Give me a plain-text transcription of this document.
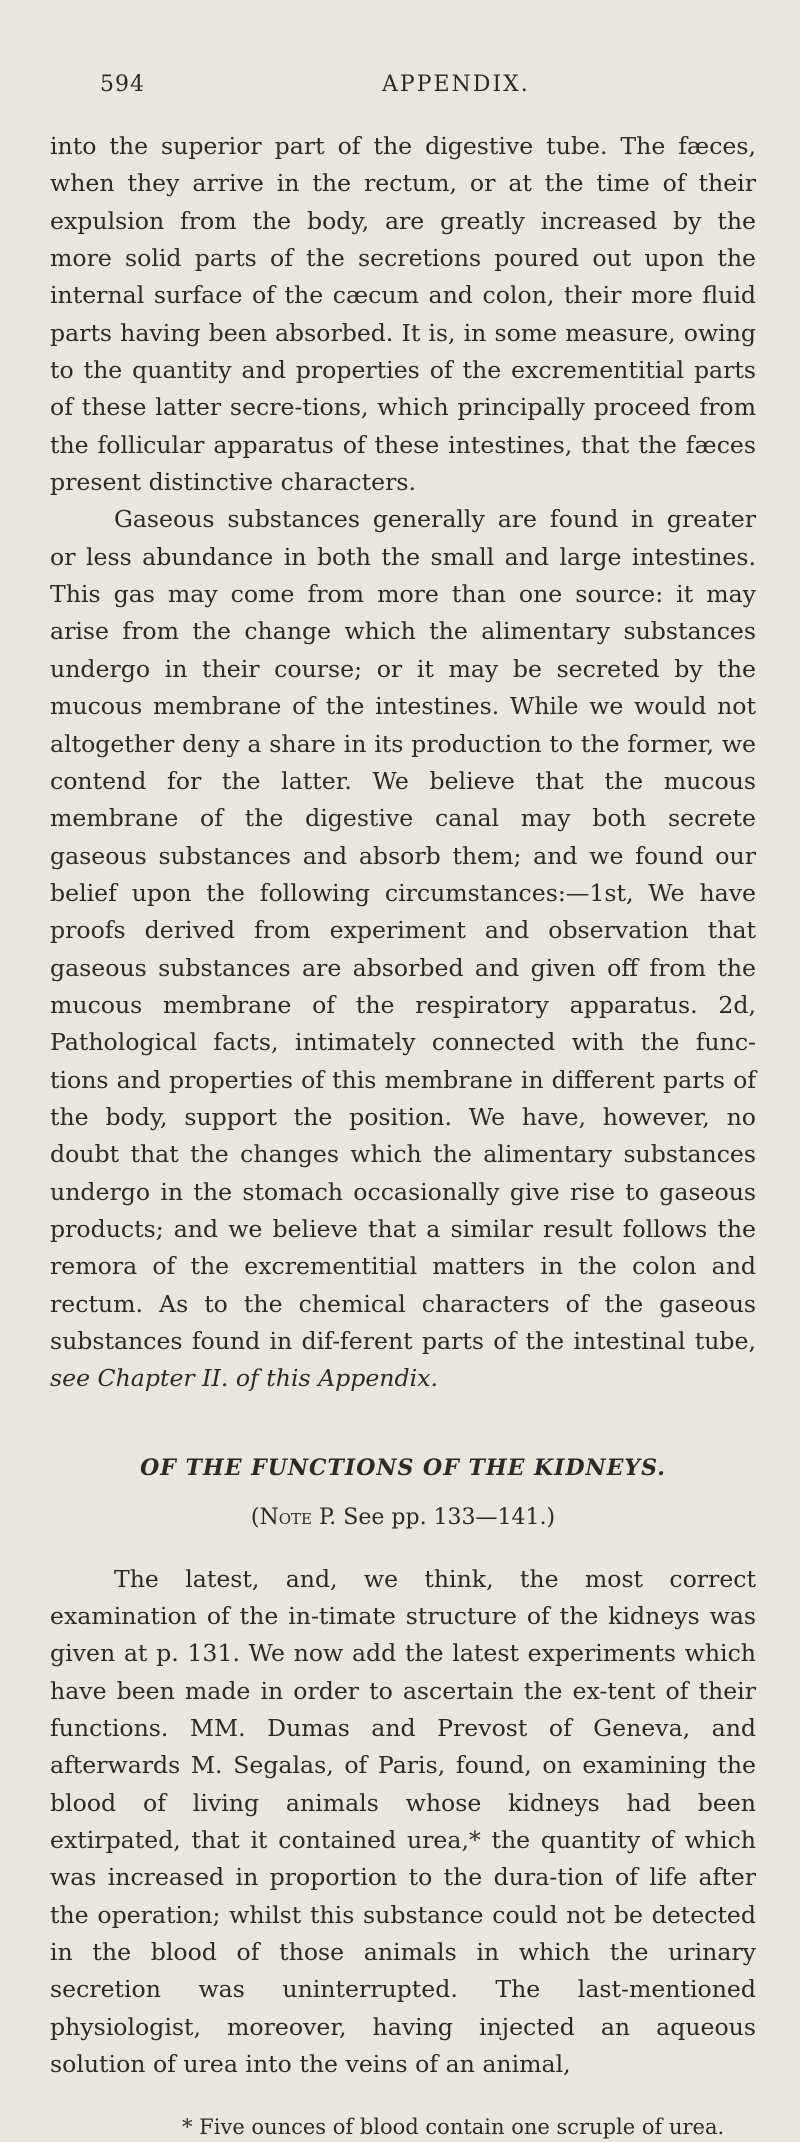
594	APPENDIX.

into the superior part of the digestive tube. The fæces, when they arrive in the rectum, or at the time of their expulsion from the body, are greatly increased by the more solid parts of the secretions poured out upon the internal surface of the cæcum and colon, their more fluid parts having been absorbed. It is, in some measure, owing to the quantity and properties of the excrementitial parts of these latter secre-tions, which principally proceed from the follicular apparatus of these intestines, that the fæces present distinctive characters.

Gaseous substances generally are found in greater or less abundance in both the small and large intestines. This gas may come from more than one source: it may arise from the change which the alimentary substances undergo in their course; or it may be secreted by the mucous membrane of the intestines. While we would not altogether deny a share in its production to the former, we contend for the latter. We believe that the mucous membrane of the digestive canal may both secrete gaseous substances and absorb them; and we found our belief upon the following circumstances:—1st, We have proofs derived from experiment and observation that gaseous substances are absorbed and given off from the mucous membrane of the respiratory apparatus. 2d, Pathological facts, intimately connected with the func-tions and properties of this membrane in different parts of the body, support the position. We have, however, no doubt that the changes which the alimentary substances undergo in the stomach occasionally give rise to gaseous products; and we believe that a similar result follows the remora of the excrementitial matters in the colon and rectum. As to the chemical characters of the gaseous substances found in dif-ferent parts of the intestinal tube, see Chapter II. of this Appendix.

OF THE FUNCTIONS OF THE KIDNEYS.

(Note P. See pp. 133—141.)

The latest, and, we think, the most correct examination of the in-timate structure of the kidneys was given at p. 131. We now add the latest experiments which have been made in order to ascertain the ex-tent of their functions. MM. Dumas and Prevost of Geneva, and afterwards M. Segalas, of Paris, found, on examining the blood of living animals whose kidneys had been extirpated, that it contained urea,* the quantity of which was increased in proportion to the dura-tion of life after the operation; whilst this substance could not be detected in the blood of those animals in which the urinary secretion was uninterrupted. The last-mentioned physiologist, moreover, having injected an aqueous solution of urea into the veins of an animal,

* Five ounces of blood contain one scruple of urea.
